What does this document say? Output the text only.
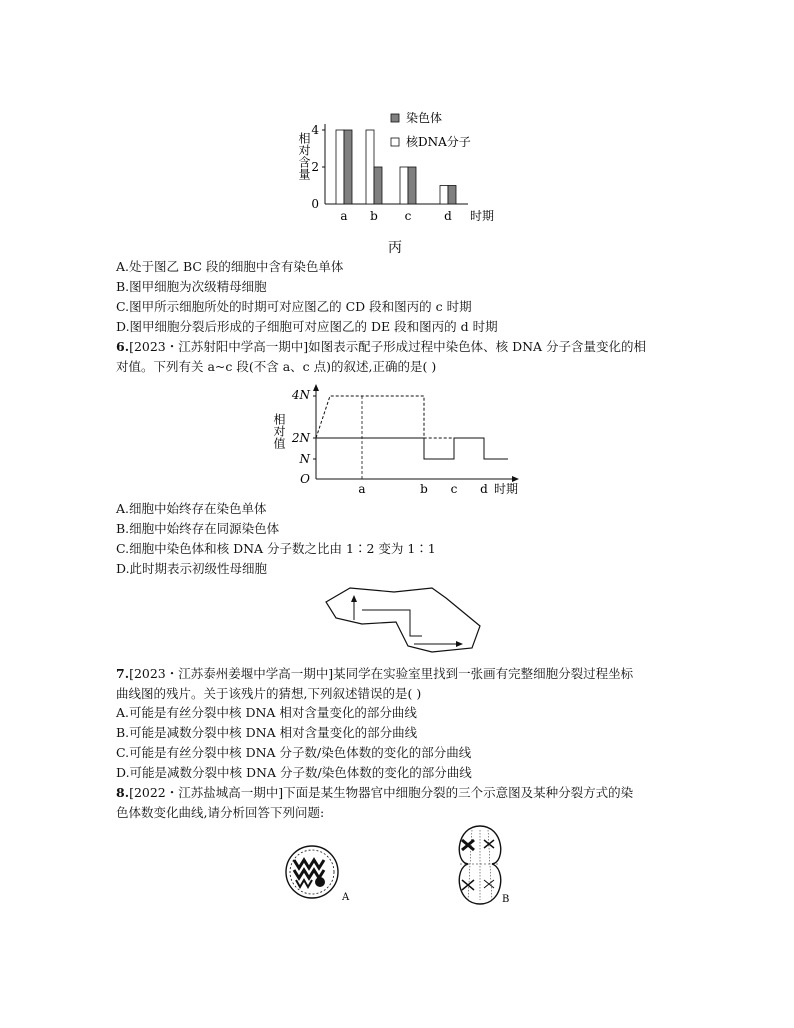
相对含量
0
2
4
a b c	d 时期
染色体
核DNA分子
丙
A.处于图乙 BC 段的细胞中含有染色单体
B.图甲细胞为次级精母细胞
C.图甲所示细胞所处的时期可对应图乙的 CD 段和图丙的 c 时期
D.图甲细胞分裂后形成的子细胞可对应图乙的 DE 段和图丙的 d 时期
6.[2023・江苏射阳中学高一期中]如图表示配子形成过程中染色体、核 DNA 分子含量变化的相
对值。下列有关 a~c 段(不含 a、c 点)的叙述,正确的是( )
相对值
4N
2N
N
O
a	b c d 时期
A.细胞中始终存在染色单体
B.细胞中始终存在同源染色体
C.细胞中染色体和核 DNA 分子数之比由 1∶2 变为 1∶1
D.此时期表示初级性母细胞
7.[2023・江苏泰州姜堰中学高一期中]某同学在实验室里找到一张画有完整细胞分裂过程坐标
曲线图的残片。关于该残片的猜想,下列叙述错误的是( )
A.可能是有丝分裂中核 DNA 相对含量变化的部分曲线
B.可能是减数分裂中核 DNA 相对含量变化的部分曲线
C.可能是有丝分裂中核 DNA 分子数/染色体数的变化的部分曲线
D.可能是减数分裂中核 DNA 分子数/染色体数的变化的部分曲线
8.[2022・江苏盐城高一期中]下面是某生物器官中细胞分裂的三个示意图及某种分裂方式的染
色体数变化曲线,请分析回答下列问题:
A	B
